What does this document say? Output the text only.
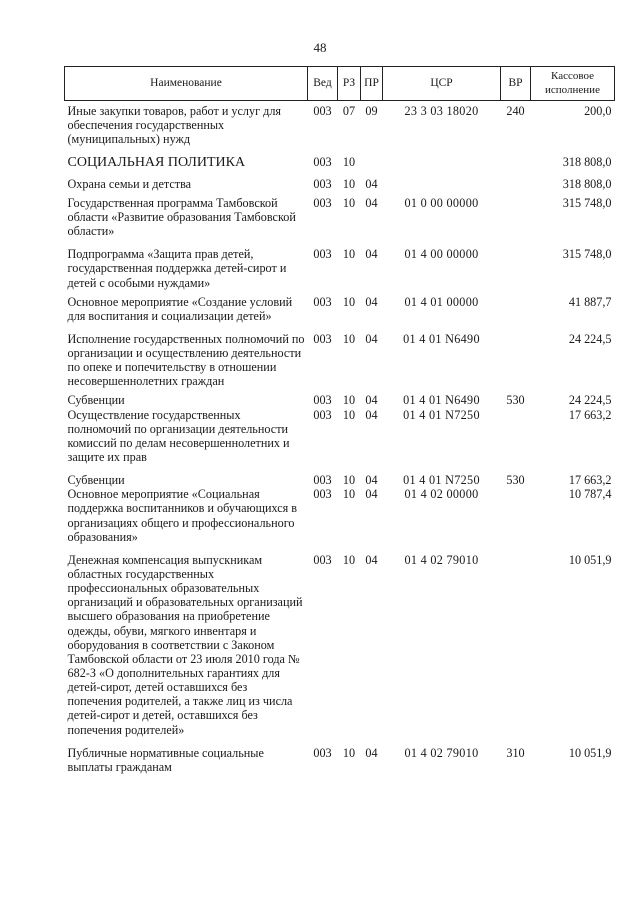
48
Наименование	Вед	РЗ	ПР	ЦСР	ВР	Кассовое исполнение
Иные закупки товаров, работ и услуг для обеспечения государственных (муниципальных) нужд	003	07	09	23 3 03 18020	240	200,0
СОЦИАЛЬНАЯ ПОЛИТИКА	003	10				318 808,0
Охрана семьи и детства	003	10	04			318 808,0
Государственная программа Тамбовской области «Развитие образования Тамбовской области»	003	10	04	01 0 00 00000		315 748,0
Подпрограмма «Защита прав детей, государственная поддержка детей-сирот и детей с особыми нуждами»	003	10	04	01 4 00 00000		315 748,0
Основное мероприятие «Создание условий для воспитания и социализации детей»	003	10	04	01 4 01 00000		41 887,7
Исполнение государственных полномочий по организации и осуществлению деятельности по опеке и попечительству в отношении несовершеннолетних граждан	003	10	04	01 4 01 N6490		24 224,5
Субвенции	003	10	04	01 4 01 N6490	530	24 224,5
Осуществление государственных полномочий по организации деятельности комиссий по делам несовершеннолетних и защите их прав	003	10	04	01 4 01 N7250		17 663,2
Субвенции	003	10	04	01 4 01 N7250	530	17 663,2
Основное мероприятие «Социальная поддержка воспитанников и обучающихся в организациях общего и профессионального образования»	003	10	04	01 4 02 00000		10 787,4
Денежная компенсация выпускникам областных государственных профессиональных образовательных организаций и образовательных организаций высшего образования на приобретение одежды, обуви, мягкого инвентаря и оборудования в соответствии с Законом Тамбовской области от 23 июля 2010 года № 682-З «О дополнительных гарантиях для детей-сирот, детей оставшихся без попечения родителей, а также лиц из числа детей-сирот и детей, оставшихся без попечения родителей»	003	10	04	01 4 02 79010		10 051,9
Публичные нормативные социальные выплаты гражданам	003	10	04	01 4 02 79010	310	10 051,9
